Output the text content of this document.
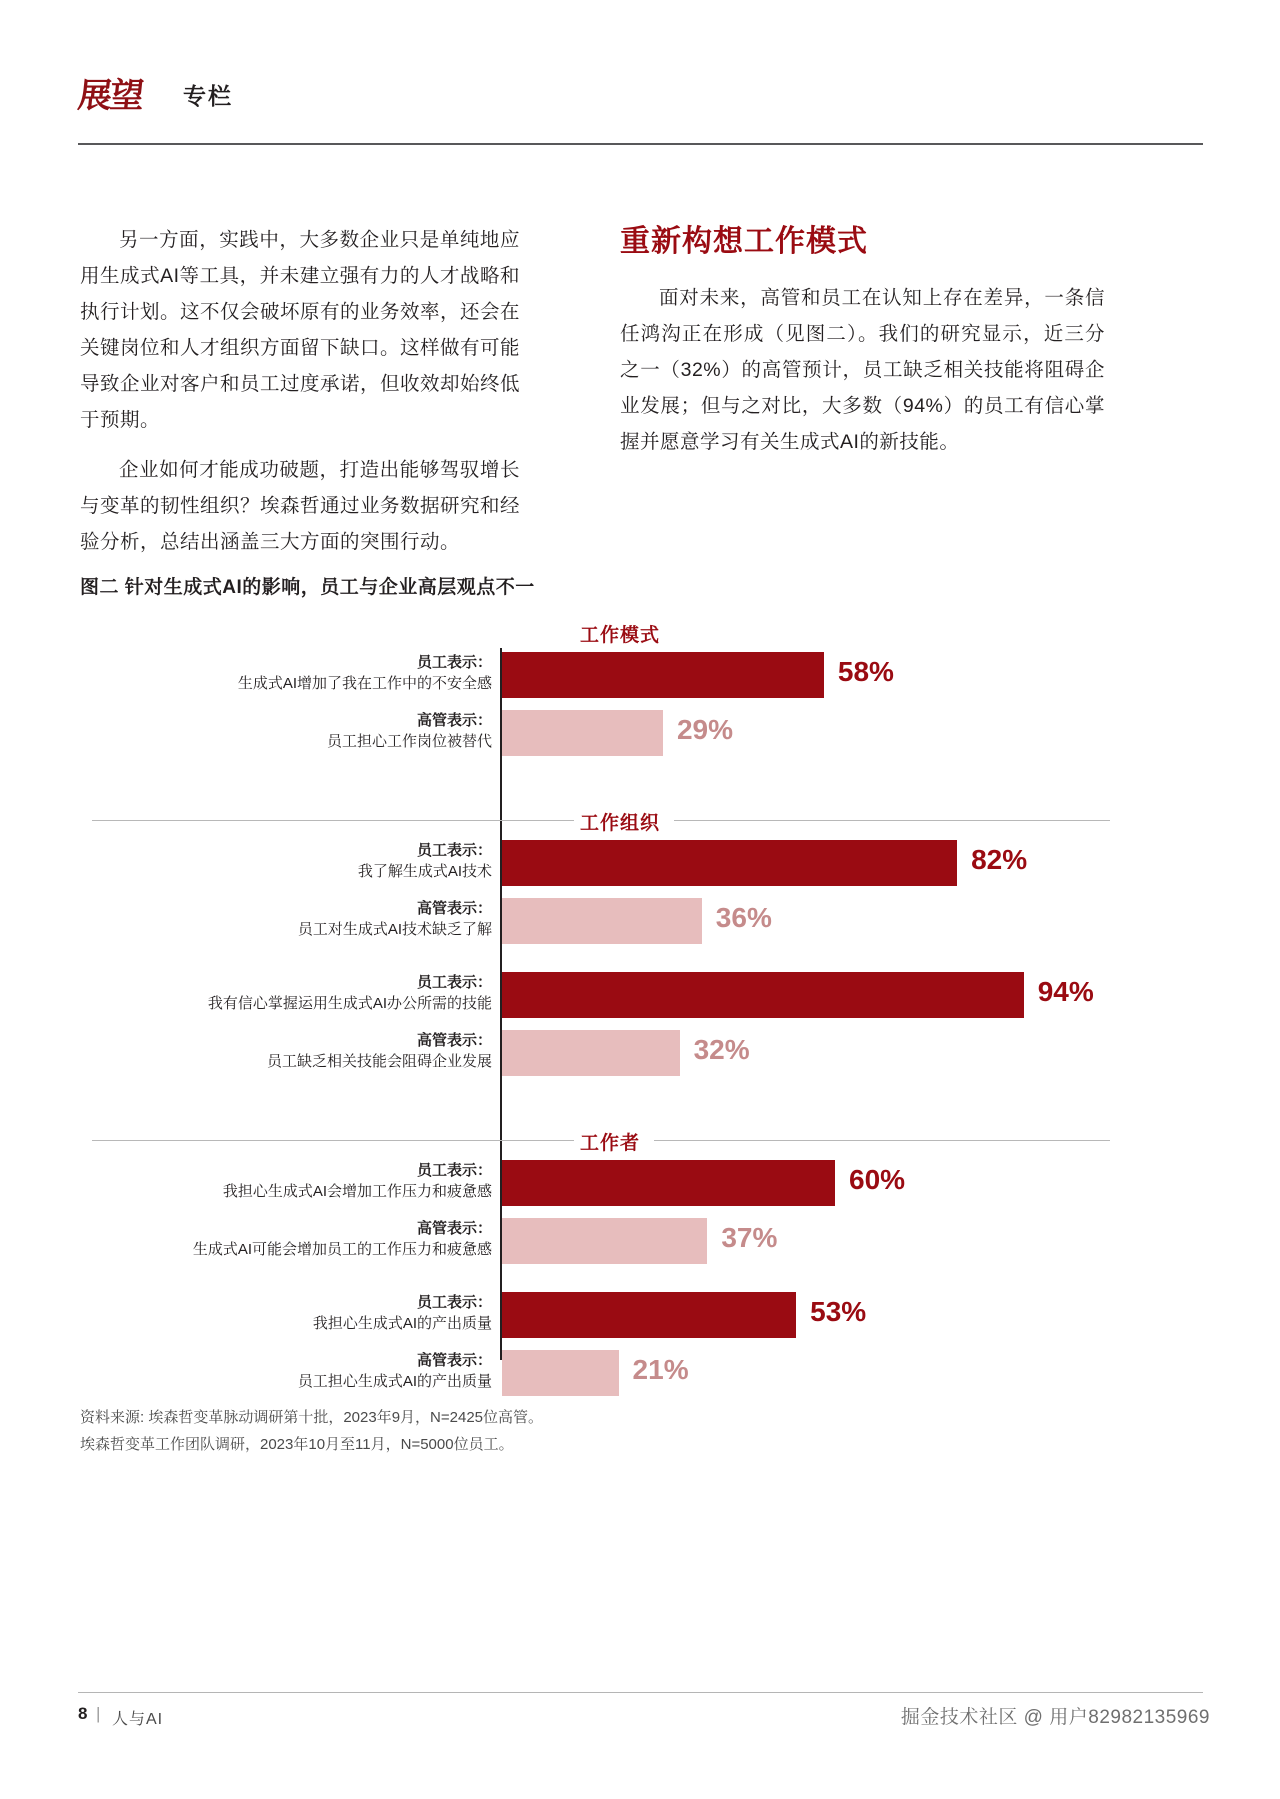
展望	专栏

另一方面，实践中，大多数企业只是单纯地应用生成式AI等工具，并未建立强有力的人才战略和执行计划。这不仅会破坏原有的业务效率，还会在关键岗位和人才组织方面留下缺口。这样做有可能导致企业对客户和员工过度承诺，但收效却始终低于预期。

企业如何才能成功破题，打造出能够驾驭增长与变革的韧性组织？埃森哲通过业务数据研究和经验分析，总结出涵盖三大方面的突围行动。

重新构想工作模式

面对未来，高管和员工在认知上存在差异，一条信任鸿沟正在形成（见图二）。我们的研究显示，近三分之一（32%）的高管预计，员工缺乏相关技能将阻碍企业发展；但与之对比，大多数（94%）的员工有信心掌握并愿意学习有关生成式AI的新技能。

图二 针对生成式AI的影响，员工与企业高层观点不一
工作模式
员工表示：
生成式AI增加了我在工作中的不安全感	58%
高管表示：
员工担心工作岗位被替代	29%
工作组织
员工表示：
我了解生成式AI技术	82%
高管表示：
员工对生成式AI技术缺乏了解	36%
员工表示：
我有信心掌握运用生成式AI办公所需的技能	94%
高管表示：
员工缺乏相关技能会阻碍企业发展	32%
工作者
员工表示：
我担心生成式AI会增加工作压力和疲惫感	60%
高管表示：
生成式AI可能会增加员工的工作压力和疲惫感	37%
员工表示：
我担心生成式AI的产出质量	53%
高管表示：
员工担心生成式AI的产出质量	21%
资料来源: 埃森哲变革脉动调研第十批，2023年9月，N=2425位高管。
埃森哲变革工作团队调研，2023年10月至11月，N=5000位员工。
8 | 人与AI	掘金技术社区 @ 用户82982135969
